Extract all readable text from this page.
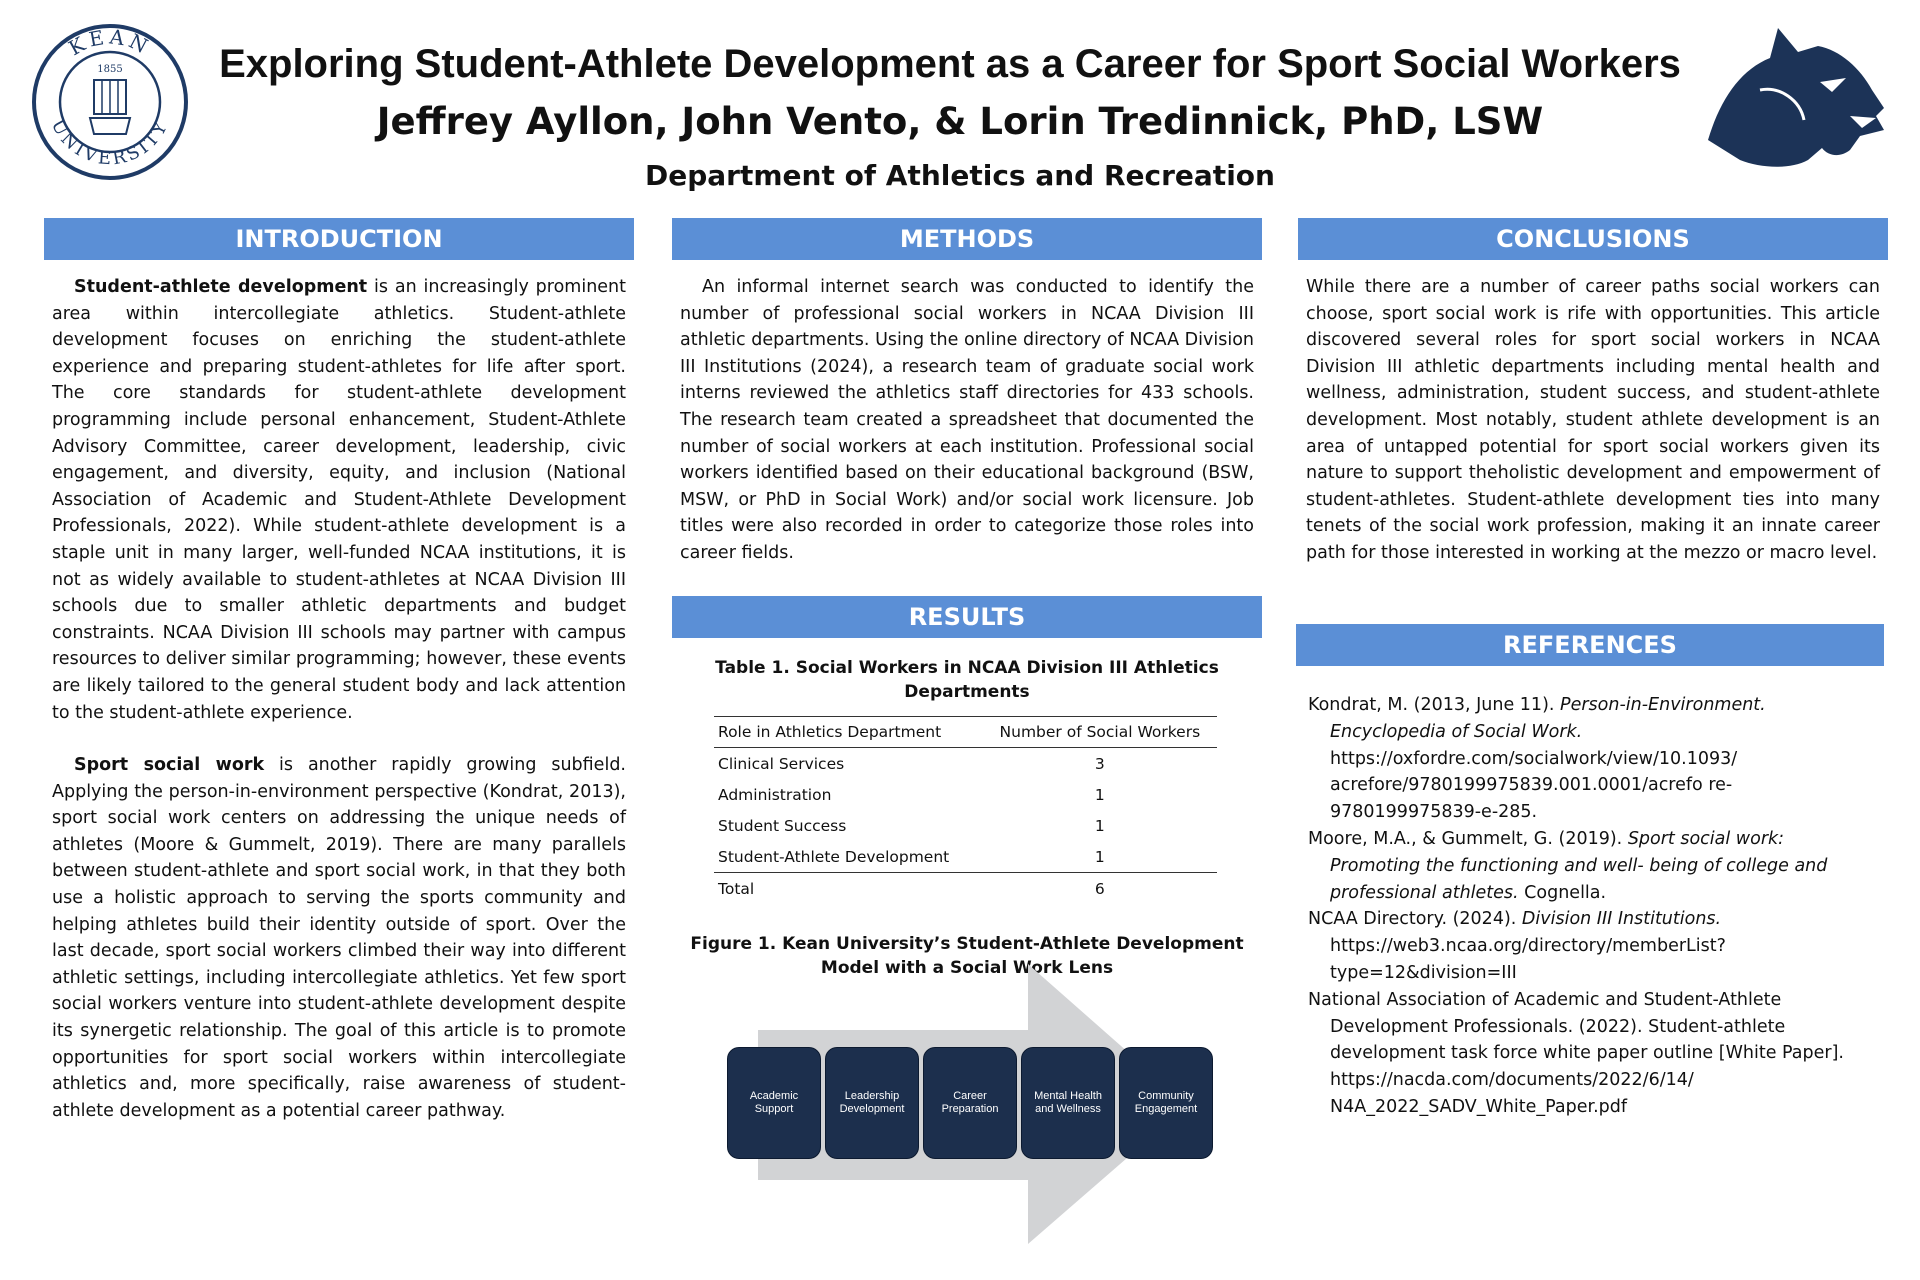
KEAN
UNIVERSITY
1855	Exploring Student-Athlete Development as a Career for Sport Social Workers
Jeffrey Ayllon, John Vento, & Lorin Tredinnick, PhD, LSW
Department of Athletics and Recreation
INTRODUCTION

Student-athlete development is an increasingly prominent area within intercollegiate athletics. Student-athlete development focuses on enriching the student-athlete experience and preparing student-athletes for life after sport. The core standards for student-athlete development programming include personal enhancement, Student-Athlete Advisory Committee, career development, leadership, civic engagement, and diversity, equity, and inclusion (National Association of Academic and Student-Athlete Development Professionals, 2022). While student-athlete development is a staple unit in many larger, well-funded NCAA institutions, it is not as widely available to student-athletes at NCAA Division III schools due to smaller athletic departments and budget constraints. NCAA Division III schools may partner with campus resources to deliver similar programming; however, these events are likely tailored to the general student body and lack attention to the student-athlete experience.

Sport social work is another rapidly growing subfield. Applying the person-in-environment perspective (Kondrat, 2013), sport social work centers on addressing the unique needs of athletes (Moore & Gummelt, 2019). There are many parallels between student-athlete and sport social work, in that they both use a holistic approach to serving the sports community and helping athletes build their identity outside of sport. Over the last decade, sport social workers climbed their way into different athletic settings, including intercollegiate athletics. Yet few sport social workers venture into student-athlete development despite its synergetic relationship. The goal of this article is to promote opportunities for sport social workers within intercollegiate athletics and, more specifically, raise awareness of student-athlete development as a potential career pathway.

METHODS

An informal internet search was conducted to identify the number of professional social workers in NCAA Division III athletic departments. Using the online directory of NCAA Division III Institutions (2024), a research team of graduate social work interns reviewed the athletics staff directories for 433 schools. The research team created a spreadsheet that documented the number of social workers at each institution. Professional social workers identified based on their educational background (BSW, MSW, or PhD in Social Work) and/or social work licensure. Job titles were also recorded in order to categorize those roles into career fields.

RESULTS
Table 1. Social Workers in NCAA Division III Athletics Departments
Role in Athletics Department	Number of Social Workers
Clinical Services	3
Administration	1
Student Success	1
Student-Athlete Development	1
Total	6
Figure 1. Kean University’s Student-Athlete Development
Model with a Social Work Lens
Academic
Support
Leadership
Development
Career
Preparation
Mental Health
and Wellness
Community
Engagement
CONCLUSIONS

While there are a number of career paths social workers can choose, sport social work is rife with opportunities. This article discovered several roles for sport social workers in NCAA Division III athletic departments including mental health and wellness, administration, student success, and student-athlete development. Most notably, student athlete development is an area of untapped potential for sport social workers given its nature to support theholistic development and empowerment of student-athletes. Student-athlete development ties into many tenets of the social work profession, making it an innate career path for those interested in working at the mezzo or macro level.

REFERENCES

Kondrat, M. (2013, June 11). Person-in-Environment. Encyclopedia of Social Work. https://oxfordre.com/socialwork/view/10.1093/ acrefore/9780199975839.001.0001/acrefo re-9780199975839-e-285.

Moore, M.A., & Gummelt, G. (2019). Sport social work: Promoting the functioning and well- being of college and professional athletes. Cognella.

NCAA Directory. (2024). Division III Institutions. https://web3.ncaa.org/directory/memberList? type=12&division=III

National Association of Academic and Student-Athlete Development Professionals. (2022). Student-athlete development task force white paper outline [White Paper]. https://nacda.com/documents/2022/6/14/ N4A_2022_SADV_White_Paper.pdf
